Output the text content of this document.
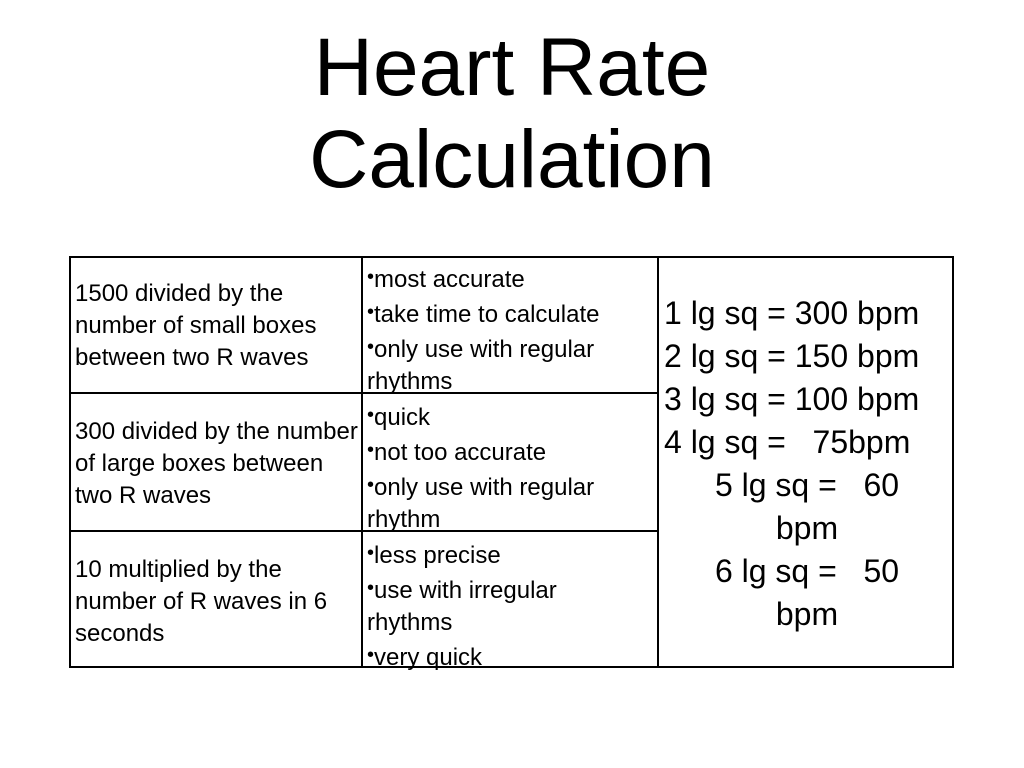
Heart Rate
Calculation
1500 divided by the number of small boxes between two R waves
•most accurate
•take time to calculate
•only use with regular
rhythms
300 divided by the number of large boxes between two R waves
•quick
•not too accurate
•only use with regular
rhythm
10 multiplied by the number of R waves in 6 seconds
•less precise
•use with irregular
rhythms
•very quick
1 lg sq = 300 bpm
2 lg sq = 150 bpm
3 lg sq = 100 bpm
4 lg sq =   75bpm
5 lg sq =   60
bpm
6 lg sq =   50
bpm
